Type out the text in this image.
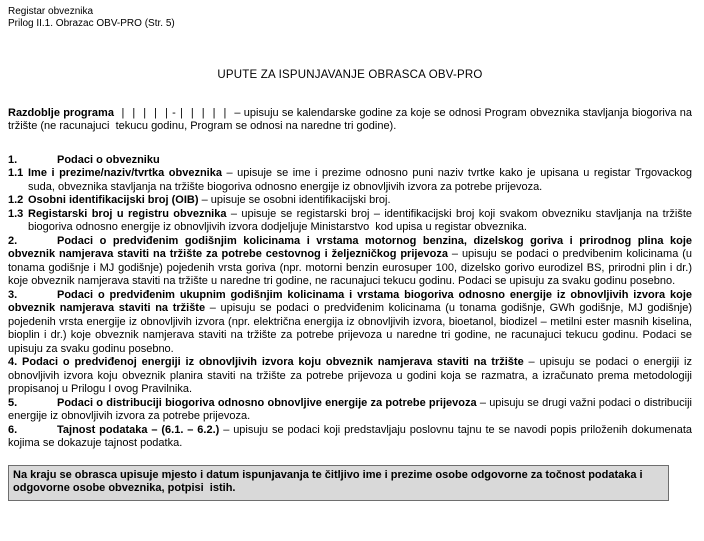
Registar obveznika
Prilog II.1. Obrazac OBV-PRO (Str. 5)
UPUTE ZA ISPUNJAVANJE OBRASCA OBV-PRO
Razdoblje programa  |  |  |  |  | - |  |  |  |  |  – upisuju se kalendarske godine za koje se odnosi Program obveznika stavljanja biogoriva na tržište (ne racunajuci  tekucu godinu, Program se odnosi na naredne tri godine).
1.	Podaci o obvezniku
1.1 Ime i prezime/naziv/tvrtka obveznika – upisuje se ime i prezime odnosno puni naziv tvrtke kako je upisana u registar Trgovackog suda, obveznika stavljanja na tržište biogoriva odnosno energije iz obnovljivih izvora za potrebe prijevoza.
1.2 Osobni identifikacijski broj (OIB) – upisuje se osobni identifikacijski broj.
1.3 Registarski broj u registru obveznika – upisuje se registarski broj – identifikacijski broj koji svakom obvezniku stavljanja na tržište biogoriva odnosno energije iz obnovljivih izvora dodjeljuje Ministarstvo  kod upisa u registar obveznika.
2.	Podaci o predviđenim godišnjim kolicinama i vrstama motornog benzina, dizelskog goriva i prirodnog plina koje obveznik namjerava staviti na tržište za potrebe cestovnog i željezničkog prijevoza – upisuju se podaci o predvibenim kolicinama (u tonama godišnje i MJ godišnje) pojedenih vrsta goriva (npr. motorni benzin eurosuper 100, dizelsko gorivo eurodizel BS, prirodni plin i dr.) koje obveznik namjerava staviti na tržište u naredne tri godine, ne racunajuci tekucu godinu. Podaci se upisuju za svaku godinu posebno.
3.	Podaci o predviđenim ukupnim godišnjim kolicinama i vrstama biogoriva odnosno energije iz obnovljivih izvora koje obveznik namjerava staviti na tržište – upisuju se podaci o predviđenim kolicinama (u tonama godišnje, GWh godišnje, MJ godišnje) pojedenih vrsta energije iz obnovljivih izvora (npr. električna energija iz obnovljivih izvora, bioetanol, biodizel – metilni ester masnih kiselina, bioplin i dr.) koje obveznik namjerava staviti na tržište za potrebe prijevoza u naredne tri godine, ne racunajuci tekucu godinu. Podaci se upisuju za svaku godinu posebno.
4. Podaci o predviđenoj energiji iz obnovljivih izvora koju obveznik namjerava staviti na tržište – upisuju se podaci o energiji iz obnovljivih izvora koju obveznik planira staviti na tržište za potrebe prijevoza u godini koja se razmatra, a izračunato prema metodologiji propisanoj u Prilogu I ovog Pravilnika.
5.	Podaci o distribuciji biogoriva odnosno obnovljive energije za potrebe prijevoza – upisuju se drugi važni podaci o distribuciji energije iz obnovljivih izvora za potrebe prijevoza.
6.	Tajnost podataka – (6.1. – 6.2.) – upisuju se podaci koji predstavljaju poslovnu tajnu te se navodi popis priloženih dokumenata kojima se dokazuje tajnost podatka.
Na kraju se obrasca upisuje mjesto i datum ispunjavanja te čitljivo ime i prezime osobe odgovorne za točnost podataka i odgovorne osobe obveznika, potpisi  istih.
